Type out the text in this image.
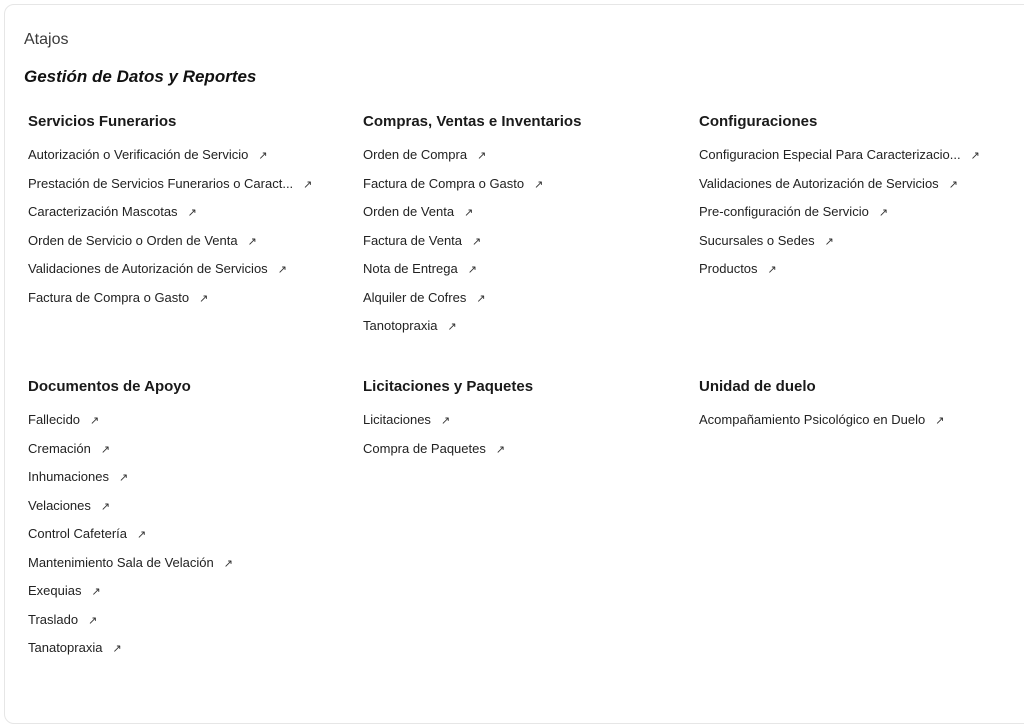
Atajos
Gestión de Datos y Reportes
Servicios Funerarios
Autorización o Verificación de Servicio ↗
Prestación de Servicios Funerarios o Caract... ↗
Caracterización Mascotas ↗
Orden de Servicio o Orden de Venta ↗
Validaciones de Autorización de Servicios ↗
Factura de Compra o Gasto ↗
Compras, Ventas e Inventarios
Orden de Compra ↗
Factura de Compra o Gasto ↗
Orden de Venta ↗
Factura de Venta ↗
Nota de Entrega ↗
Alquiler de Cofres ↗
Tanotopraxia ↗
Configuraciones
Configuracion Especial Para Caracterizacio... ↗
Validaciones de Autorización de Servicios ↗
Pre-configuración de Servicio ↗
Sucursales o Sedes ↗
Productos ↗
Documentos de Apoyo
Fallecido ↗
Cremación ↗
Inhumaciones ↗
Velaciones ↗
Control Cafetería ↗
Mantenimiento Sala de Velación ↗
Exequias ↗
Traslado ↗
Tanatopraxia ↗
Licitaciones y Paquetes
Licitaciones ↗
Compra de Paquetes ↗
Unidad de duelo
Acompañamiento Psicológico en Duelo ↗
